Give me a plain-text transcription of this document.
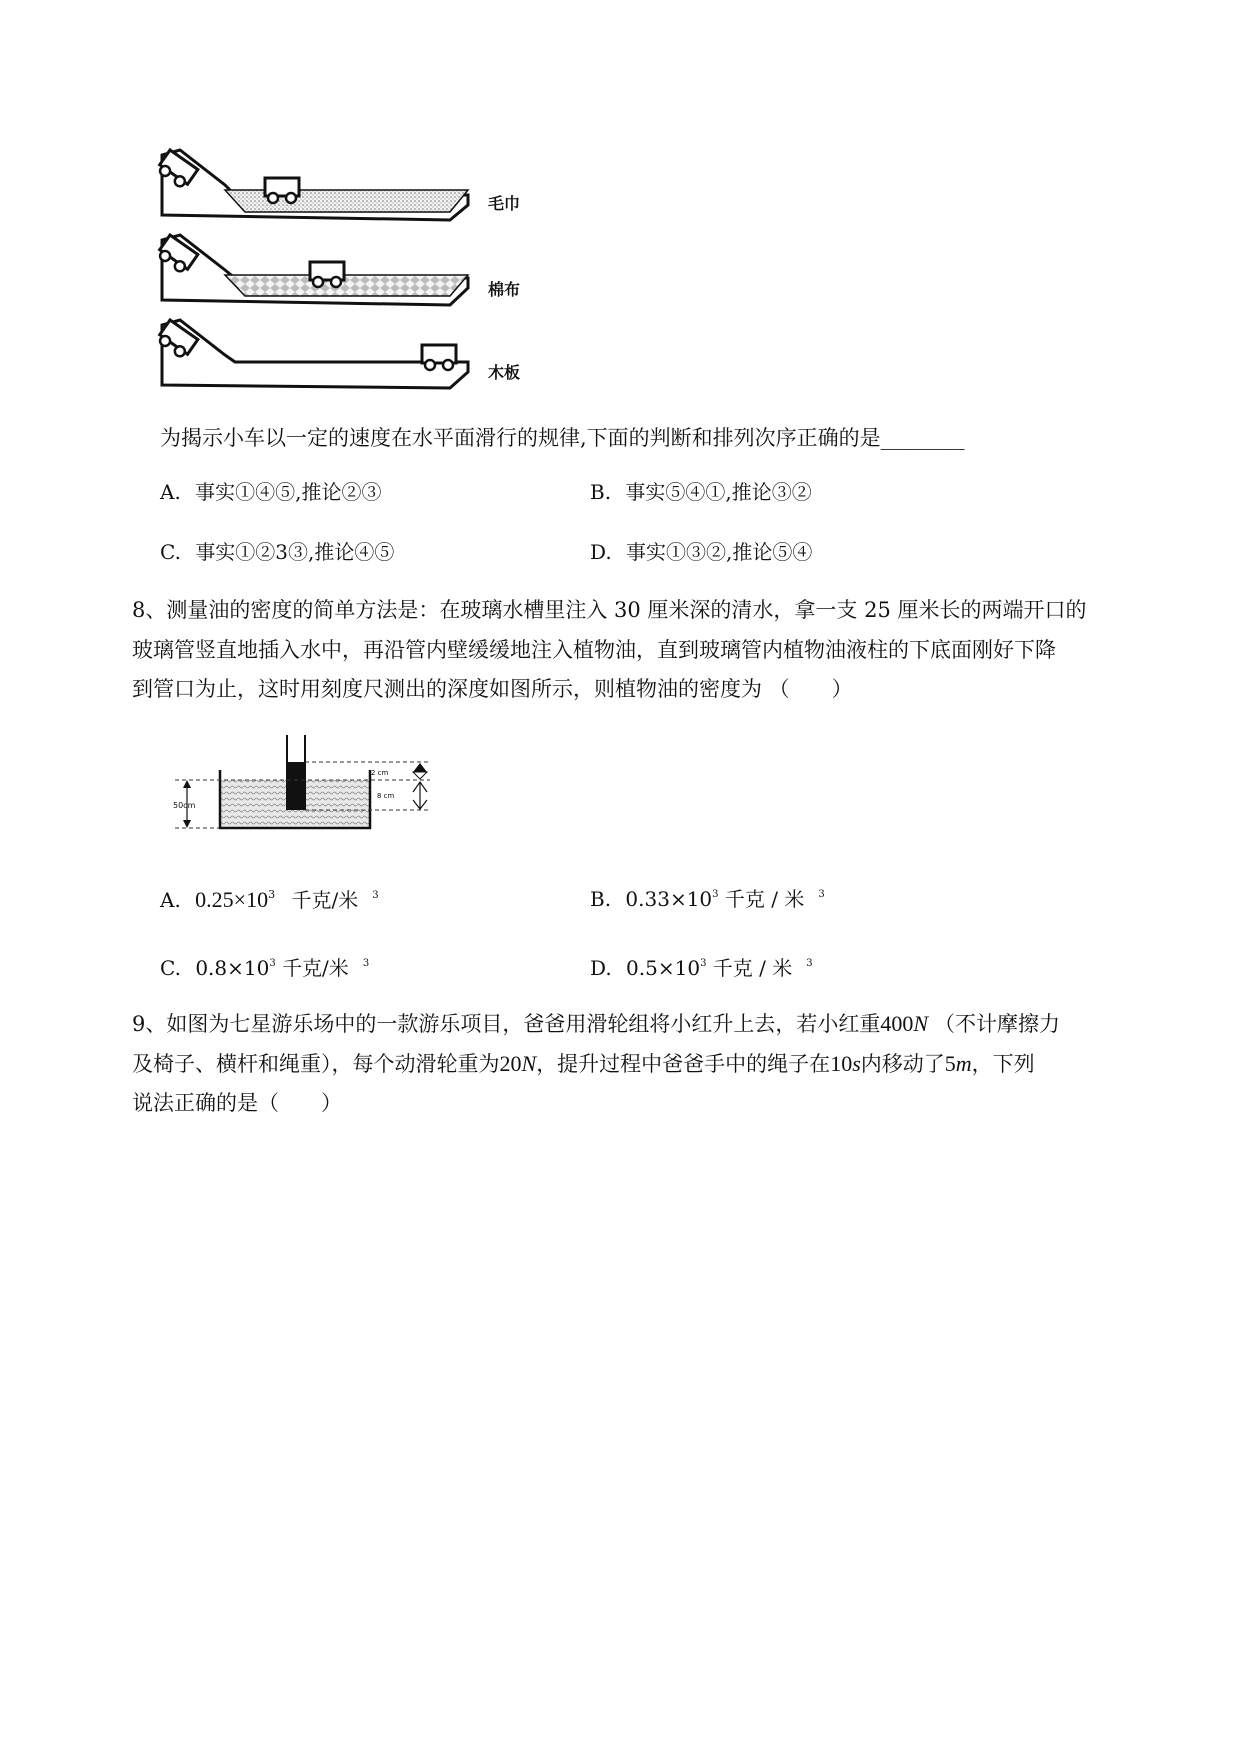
毛巾
棉布
木板
为揭示小车以一定的速度在水平面滑行的规律,下面的判断和排列次序正确的是________
A. 事实①④⑤,推论②③	B. 事实⑤④①,推论③②
C. 事实①②3③,推论④⑤	D. 事实①③②,推论⑤④
8、测量油的密度的简单方法是：在玻璃水槽里注入 30 厘米深的清水，拿一支 25 厘米长的两端开口的
玻璃管竖直地插入水中，再沿管内壁缓缓地注入植物油，直到玻璃管内植物油液柱的下底面刚好下降
到管口为止，这时用刻度尺测出的深度如图所示，则植物油的密度为 （　　）
50cm
2 cm
8 cm
A. $0.25\times 10^3$ 千克/米 $^3$	B. $0.33\times 10^3$ 千克 / 米 $^3$
C. $0.8\times 10^3$ 千克/米 $^3$	D. $0.5\times 10^3$ 千克 / 米 $^3$
9、如图为七星游乐场中的一款游乐项目，爸爸用滑轮组将小红升上去，若小红重400N （不计摩擦力
及椅子、横杆和绳重），每个动滑轮重为20N，提升过程中爸爸手中的绳子在10s内移动了5m，下列
说法正确的是（　　）
